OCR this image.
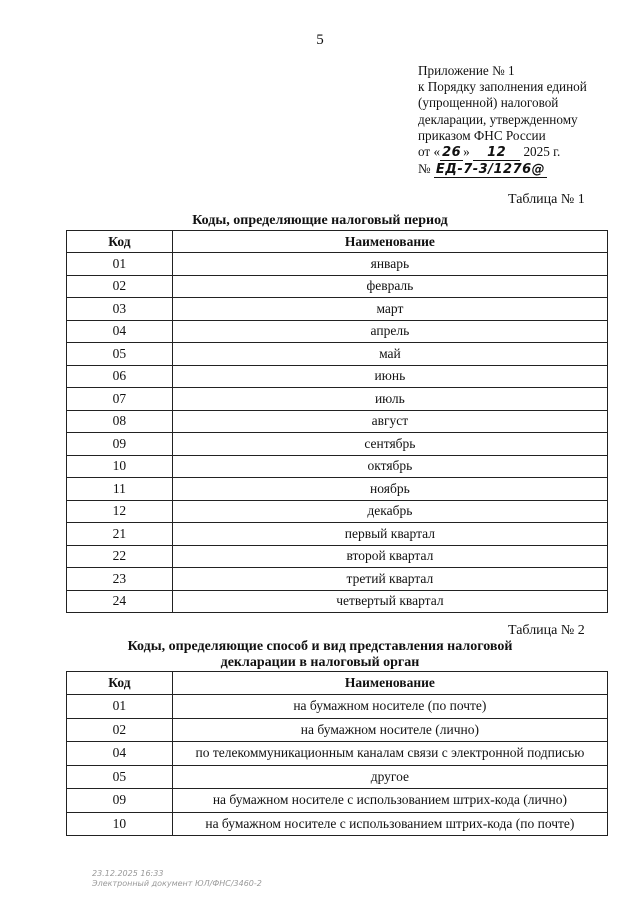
5
Приложение № 1
к Порядку заполнения единой
(упрощенной) налоговой
декларации, утвержденному
приказом ФНС России
от « 26 » 12 2025 г.
№ ЕД-7-3/1276@
Таблица № 1
Коды, определяющие налоговый период
Код	Наименование
01	январь
02	февраль
03	март
04	апрель
05	май
06	июнь
07	июль
08	август
09	сентябрь
10	октябрь
11	ноябрь
12	декабрь
21	первый квартал
22	второй квартал
23	третий квартал
24	четвертый квартал
Таблица № 2
Коды, определяющие способ и вид представления налоговой
декларации в налоговый орган
Код	Наименование
01	на бумажном носителе (по почте)
02	на бумажном носителе (лично)
04	по телекоммуникационным каналам связи с электронной подписью
05	другое
09	на бумажном носителе с использованием штрих-кода (лично)
10	на бумажном носителе с использованием штрих-кода (по почте)
23.12.2025 16:33
Электронный документ ЮЛ/ФНС/3460-2
